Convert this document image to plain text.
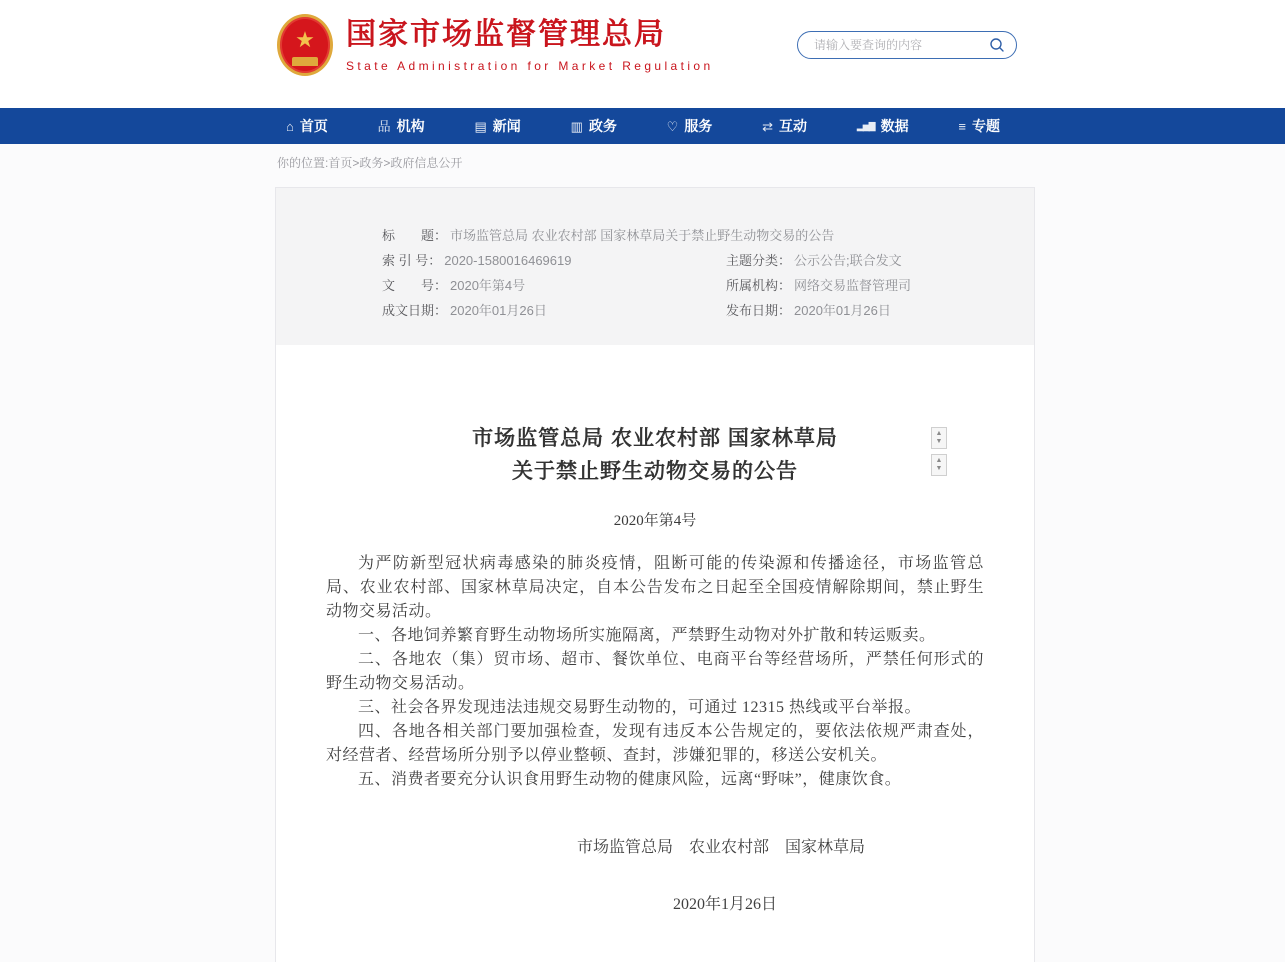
★ 国家市场监督管理总局
State Administration for Market Regulation
请输入要查询的内容
⌂ 首页	品 机构	▤ 新闻	▥ 政务	♡ 服务	⇄ 互动	▂▅▇ 数据	≡ 专题
你的位置:首页>政务>政府信息公开
标　　题： 市场监管总局 农业农村部 国家林草局关于禁止野生动物交易的公告
索 引 号： 2020-1580016469619	主题分类： 公示公告;联合发文
文　　号： 2020年第4号	所属机构： 网络交易监督管理司
成文日期： 2020年01月26日	发布日期： 2020年01月26日
市场监管总局 农业农村部 国家林草局
关于禁止野生动物交易的公告
▲
▼
▲
▼
2020年第4号

为严防新型冠状病毒感染的肺炎疫情，阻断可能的传染源和传播途径，市场监管总局、农业农村部、国家林草局决定，自本公告发布之日起至全国疫情解除期间，禁止野生动物交易活动。

一、各地饲养繁育野生动物场所实施隔离，严禁野生动物对外扩散和转运贩卖。

二、各地农（集）贸市场、超市、餐饮单位、电商平台等经营场所，严禁任何形式的野生动物交易活动。

三、社会各界发现违法违规交易野生动物的，可通过 12315 热线或平台举报。

四、各地各相关部门要加强检查，发现有违反本公告规定的，要依法依规严肃查处，对经营者、经营场所分别予以停业整顿、查封，涉嫌犯罪的，移送公安机关。

五、消费者要充分认识食用野生动物的健康风险，远离“野味”，健康饮食。

市场监管总局　农业农村部　国家林草局
2020年1月26日
